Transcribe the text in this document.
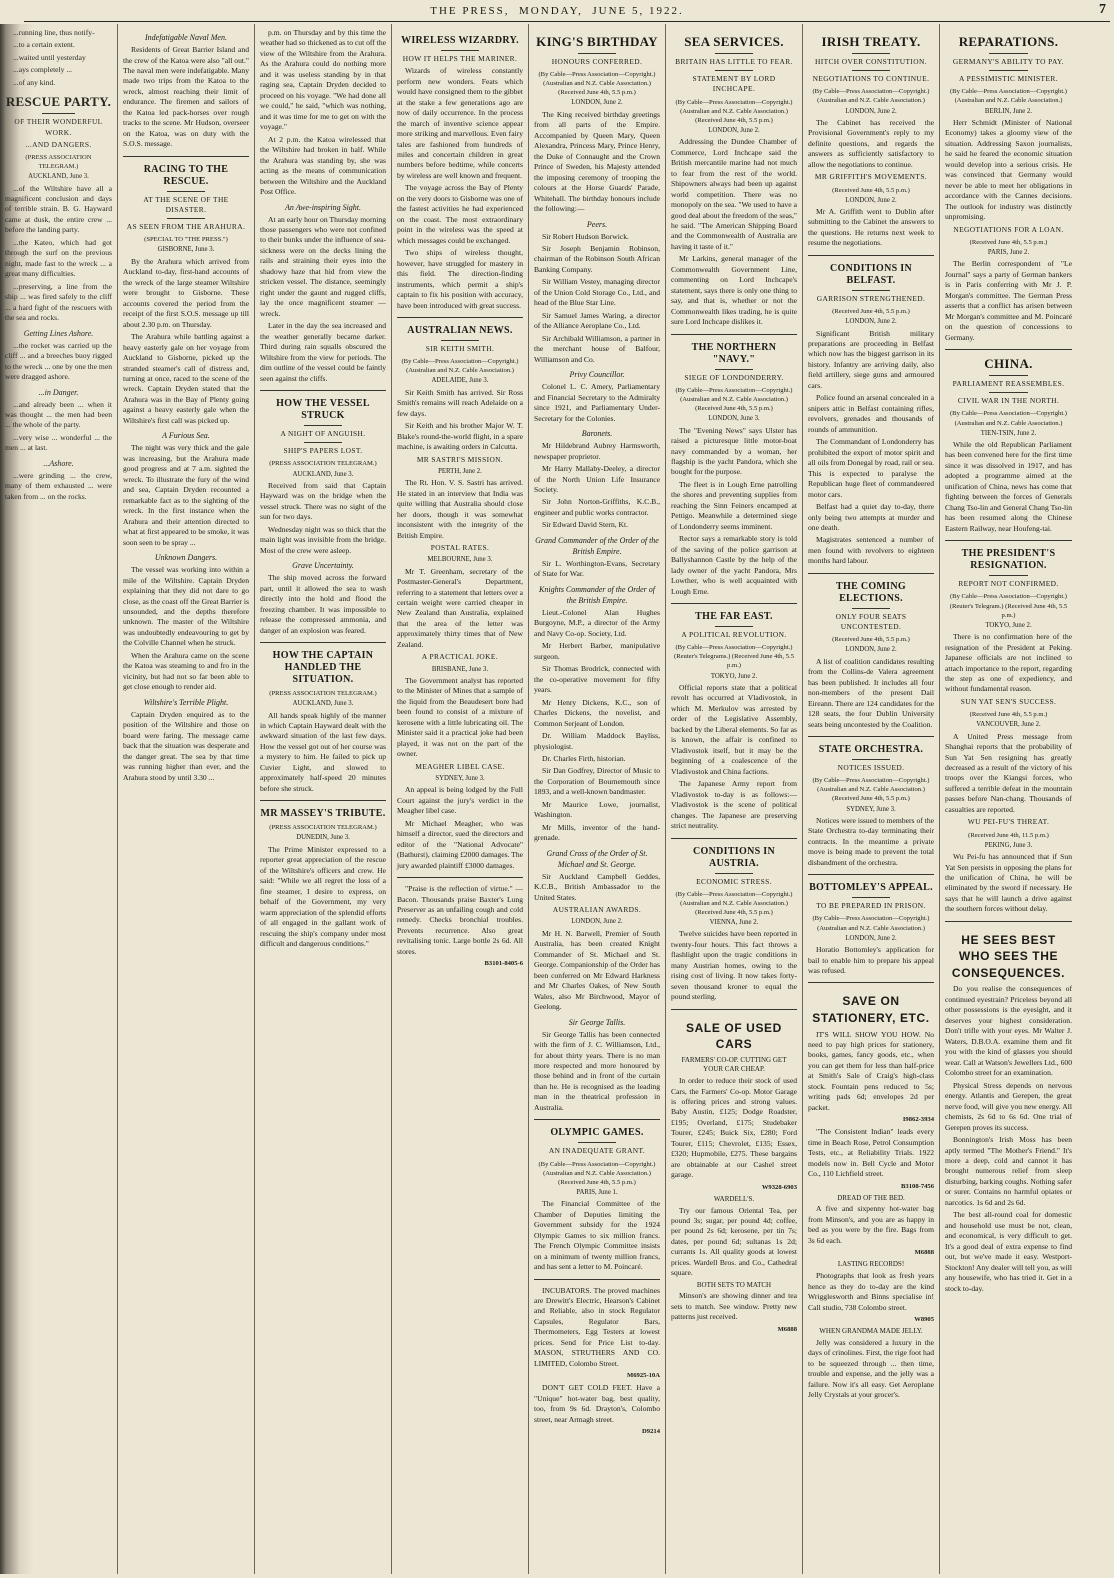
THE PRESS,
MONDAY,
JUNE 5, 1922.	7

...running line, thus notify-

...to a certain extent.

...waited until yesterday

...ays completely ...

...of any kind.

RESCUE PARTY.
OF THEIR WONDERFUL WORK.
...AND DANGERS.
(PRESS ASSOCIATION TELEGRAM.)
AUCKLAND, June 3.

...of the Wiltshire have all a magnificent conclusion and days of terrible strain. B. G. Hayward came at dusk, the entire crew ... before the landing party.

...the Kateo, which had got through the surf on the previous night, made fast to the wreck ... a great many difficulties.

...preserving, a line from the ship ... was fired safely to the cliff ... a hard fight of the rescuers with the sea and rocks.

Getting Lines Ashore.

...the rocket was carried up the cliff ... and a breeches buoy rigged to the wreck ... one by one the men were dragged ashore.

...in Danger.

...and already been ... when it was thought ... the men had been ... the whole of the party.

...very wise ... wonderful ... the men ... at last.

...Ashore.

...were grinding ... the crew, many of them exhausted ... were taken from ... on the rocks.

Indefatigable Naval Men.

Residents of Great Barrier Island and the crew of the Katoa were also "all out." The naval men were indefatigable. Many made two trips from the Katoa to the wreck, almost reaching their limit of endurance. The firemen and sailors of the Katoa led pack-horses over rough tracks to the scene. Mr Hudson, overseer on the Katoa, was on duty with the S.O.S. message.

RACING TO THE RESCUE.
AT THE SCENE OF THE DISASTER.
AS SEEN FROM THE ARAHURA.
(SPECIAL TO "THE PRESS.")
GISBORNE, June 3.

By the Arahura which arrived from Auckland to-day, first-hand accounts of the wreck of the large steamer Wiltshire were brought to Gisborne. These accounts covered the period from the receipt of the first S.O.S. message up till about 2.30 p.m. on Thursday.

The Arahura while battling against a heavy easterly gale on her voyage from Auckland to Gisborne, picked up the stranded steamer's call of distress and, turning at once, raced to the scene of the wreck. Captain Dryden stated that the Arahura was in the Bay of Plenty going against a heavy easterly gale when the Wiltshire's first call was picked up.

A Furious Sea.

The night was very thick and the gale was increasing, but the Arahura made good progress and at 7 a.m. sighted the wreck. To illustrate the fury of the wind and sea, Captain Dryden recounted a remarkable fact as to the sighting of the wreck. In the first instance when the Arahura and their attention directed to what at first appeared to be smoke, it was soon seen to be spray ...

Unknown Dangers.

The vessel was working into within a mile of the Wiltshire. Captain Dryden explaining that they did not dare to go close, as the coast off the Great Barrier is unsounded, and the depths therefore unknown. The master of the Wiltshire was undoubtedly endeavouring to get by the Colville Channel when he struck.

When the Arahura came on the scene the Katoa was steaming to and fro in the vicinity, but had not so far been able to get close enough to render aid.

Wiltshire's Terrible Plight.

Captain Dryden enquired as to the position of the Wiltshire and those on board were faring. The message came back that the situation was desperate and the danger great. The sea by that time was running higher than ever, and the Arahura stood by until 3.30 ...

p.m. on Thursday and by this time the weather had so thickened as to cut off the view of the Wiltshire from the Arahura. As the Arahura could do nothing more and it was useless standing by in that raging sea, Captain Dryden decided to proceed on his voyage. "We had done all we could," he said, "which was nothing, and it was time for me to get on with the voyage."

At 2 p.m. the Katoa wirelessed that the Wiltshire had broken in half. While the Arahura was standing by, she was acting as the means of communication between the Wiltshire and the Auckland Post Office.

An Awe-inspiring Sight.

At an early hour on Thursday morning those passengers who were not confined to their bunks under the influence of sea-sickness were on the decks lining the rails and straining their eyes into the shadowy haze that hid from view the stricken vessel. The distance, seemingly right under the gaunt and rugged cliffs, lay the once magnificent steamer — wreck.

Later in the day the sea increased and the weather generally became darker. Third during rain squalls obscured the Wiltshire from the view for periods. The dim outline of the vessel could be faintly seen against the cliffs.

HOW THE VESSEL STRUCK
A NIGHT OF ANGUISH.
SHIP'S PAPERS LOST.
(PRESS ASSOCIATION TELEGRAM.)
AUCKLAND, June 3.

Received from said that Captain Hayward was on the bridge when the vessel struck. There was no sight of the sun for two days.

Wednesday night was so thick that the main light was invisible from the bridge. Most of the crew were asleep.

Grave Uncertainty.

The ship moved across the forward part, until it allowed the sea to wash directly into the hold and flood the freezing chamber. It was impossible to release the compressed ammonia, and danger of an explosion was feared.

HOW THE CAPTAIN HANDLED THE SITUATION.
(PRESS ASSOCIATION TELEGRAM.)
AUCKLAND, June 3.

All hands speak highly of the manner in which Captain Hayward dealt with the awkward situation of the last few days. How the vessel got out of her course was a mystery to him. He failed to pick up Cuvier Light, and slowed to approximately half-speed 20 minutes before she struck.

MR MASSEY'S TRIBUTE.
(PRESS ASSOCIATION TELEGRAM.)
DUNEDIN, June 3.

The Prime Minister expressed to a reporter great appreciation of the rescue of the Wiltshire's officers and crew. He said: "While we all regret the loss of a fine steamer, I desire to express, on behalf of the Government, my very warm appreciation of the splendid efforts of all engaged in the gallant work of rescuing the ship's company under most difficult and dangerous conditions."

WIRELESS WIZARDRY.
HOW IT HELPS THE MARINER.

Wizards of wireless constantly perform new wonders. Feats which would have consigned them to the gibbet at the stake a few generations ago are now of daily occurrence. In the process the march of inventive science appear more striking and marvellous. Even fairy tales are fashioned from hundreds of miles and concertain children in great numbers before bedtime, while concerts by wireless are well known and frequent.

The voyage across the Bay of Plenty on the very doors to Gisborne was one of the fastest activities he had experienced on the coast. The most extraordinary point in the wireless was the speed at which messages could be exchanged.

Two ships of wireless thought, however, have struggled for mastery in this field. The direction-finding instruments, which permit a ship's captain to fix his position with accuracy, have been introduced with great success.

AUSTRALIAN NEWS.
SIR KEITH SMITH.
(By Cable—Press Association—Copyright.) (Australian and N.Z. Cable Association.)
ADELAIDE, June 3.

Sir Keith Smith has arrived. Sir Ross Smith's remains will reach Adelaide on a few days.

Sir Keith and his brother Major W. T. Blake's round-the-world flight, in a spare machine, is awaiting orders in Calcutta.

MR SASTRI'S MISSION.
PERTH, June 2.

The Rt. Hon. V. S. Sastri has arrived. He stated in an interview that India was quite willing that Australia should close her doors, though it was somewhat inconsistent with the integrity of the British Empire.

POSTAL RATES.
MELBOURNE, June 3.

Mr T. Greenham, secretary of the Postmaster-General's Department, referring to a statement that letters over a certain weight were carried cheaper in New Zealand than Australia, explained that the area of the letter was approximately thirty times that of New Zealand.

A PRACTICAL JOKE.
BRISBANE, June 3.

The Government analyst has reported to the Minister of Mines that a sample of the liquid from the Beaudesert bore had been found to consist of a mixture of kerosene with a little lubricating oil. The Minister said it a practical joke had been played, it was not on the part of the owner.

MEAGHER LIBEL CASE.
SYDNEY, June 3.

An appeal is being lodged by the Full Court against the jury's verdict in the Meagher libel case.

Mr Michael Meagher, who was himself a director, sued the directors and editor of the "National Advocate" (Bathurst), claiming £2000 damages. The jury awarded plaintiff £3000 damages.

"Praise is the reflection of virtue." — Bacon. Thousands praise Baxter's Lung Preserver as an unfailing cough and cold remedy. Checks bronchial troubles. Prevents recurrence. Also great revitalising tonic. Large bottle 2s 6d. All stores.

B3101-8405-6
KING'S BIRTHDAY
HONOURS CONFERRED.
(By Cable—Press Association—Copyright.) (Australian and N.Z. Cable Association.) (Received June 4th, 5.5 p.m.)
LONDON, June 2.

The King received birthday greetings from all parts of the Empire. Accompanied by Queen Mary, Queen Alexandra, Princess Mary, Prince Henry, the Duke of Connaught and the Crown Prince of Sweden, his Majesty attended the imposing ceremony of trooping the colours at the Horse Guards' Parade, Whitehall. The birthday honours include the following:—

Peers.

Sir Robert Hudson Borwick.

Sir Joseph Benjamin Robinson, chairman of the Robinson South African Banking Company.

Sir William Vestey, managing director of the Union Cold Storage Co., Ltd., and head of the Blue Star Line.

Sir Samuel James Waring, a director of the Alliance Aeroplane Co., Ltd.

Sir Archibald Williamson, a partner in the merchant house of Balfour, Williamson and Co.

Privy Councillor.

Colonel L. C. Amery, Parliamentary and Financial Secretary to the Admiralty since 1921, and Parliamentary Under-Secretary for the Colonies.

Baronets.

Mr Hildebrand Aubrey Harmsworth, newspaper proprietor.

Mr Harry Mallaby-Deeley, a director of the North Union Life Insurance Society.

Sir John Norton-Griffiths, K.C.B., engineer and public works contractor.

Sir Edward David Stern, Kt.

Grand Commander of the Order of the British Empire.

Sir L. Worthington-Evans, Secretary of State for War.

Knights Commander of the Order of the British Empire.

Lieut.-Colonel Alan Hughes Burgoyne, M.P., a director of the Army and Navy Co-op. Society, Ltd.

Mr Herbert Barber, manipulative surgeon.

Sir Thomas Brodrick, connected with the co-operative movement for fifty years.

Mr Henry Dickens, K.C., son of Charles Dickens, the novelist, and Common Serjeant of London.

Dr. William Maddock Bayliss, physiologist.

Dr. Charles Firth, historian.

Sir Dan Godfrey, Director of Music to the Corporation of Bournemouth since 1893, and a well-known bandmaster.

Mr Maurice Lowe, journalist, Washington.

Mr Mills, inventor of the hand-grenade.

Grand Cross of the Order of St. Michael and St. George.

Sir Auckland Campbell Geddes, K.C.B., British Ambassador to the United States.

AUSTRALIAN AWARDS.
LONDON, June 2.

Mr H. N. Barwell, Premier of South Australia, has been created Knight Commander of St. Michael and St. George. Companionship of the Order has been conferred on Mr Edward Harkness and Mr Charles Oakes, of New South Wales, also Mr Birchwood, Mayor of Geelong.

Sir George Tallis.

Sir George Tallis has been connected with the firm of J. C. Williamson, Ltd., for about thirty years. There is no man more respected and more honoured by those behind and in front of the curtain than he. He is recognised as the leading man in the theatrical profession in Australia.

OLYMPIC GAMES.
AN INADEQUATE GRANT.
(By Cable—Press Association—Copyright.) (Australian and N.Z. Cable Association.) (Received June 4th, 5.5 p.m.)
PARIS, June 1.

The Financial Committee of the Chamber of Deputies limiting the Government subsidy for the 1924 Olympic Games to six million francs. The French Olympic Committee insists on a minimum of twenty million francs, and has sent a letter to M. Poincaré.

INCUBATORS. The proved machines are Drewitt's Electric, Hearson's Cabinet and Reliable, also in stock Regulator Capsules, Regulator Bars, Thermometers, Egg Testers at lowest prices. Send for Price List to-day. MASON, STRUTHERS AND CO. LIMITED, Colombo Street.

M6925-10A

DON'T GET COLD FEET. Have a "Unique" hot-water bag, best quality, too, from 9s 6d. Drayton's, Colombo street, near Armagh street.

D9214
SEA SERVICES.
BRITAIN HAS LITTLE TO FEAR.
STATEMENT BY LORD INCHCAPE.
(By Cable—Press Association—Copyright.) (Australian and N.Z. Cable Association.) (Received June 4th, 5.5 p.m.)
LONDON, June 2.

Addressing the Dundee Chamber of Commerce, Lord Inchcape said the British mercantile marine had not much to fear from the rest of the world. Shipowners always had been up against world competition. There was no monopoly on the sea. "We used to have a good deal about the freedom of the seas," he said. "The American Shipping Board and the Commonwealth of Australia are having it taste of it."

Mr Larkins, general manager of the Commonwealth Government Line, commenting on Lord Inchcape's statement, says there is only one thing to say, and that is, whether or not the Commonwealth likes trading, he is quite sure Lord Inchcape dislikes it.

THE NORTHERN "NAVY."
SIEGE OF LONDONDERRY.
(By Cable—Press Association—Copyright.) (Australian and N.Z. Cable Association.) (Received June 4th, 5.5 p.m.)
LONDON, June 3.

The "Evening News" says Ulster has raised a picturesque little motor-boat navy commanded by a woman, her flagship is the yacht Pandora, which she bought for the purpose.

The fleet is in Lough Erne patrolling the shores and preventing supplies from reaching the Sinn Feiners encamped at Pettigo. Meanwhile a determined siege of Londonderry seems imminent.

Rector says a remarkable story is told of the saving of the police garrison at Ballyshannon Castle by the help of the lady owner of the yacht Pandora, Mrs Lowther, who is well acquainted with Lough Erne.

THE FAR EAST.
A POLITICAL REVOLUTION.
(By Cable—Press Association—Copyright.) (Reuter's Telegrams.) (Received June 4th, 5.5 p.m.)
TOKYO, June 2.

Official reports state that a political revolt has occurred at Vladivostok, in which M. Merkulov was arrested by order of the Legislative Assembly, backed by the Liberal elements. So far as is known, the affair is confined to Vladivostok itself, but it may be the beginning of a coalescence of the Vladivostok and China factions.

The Japanese Army report from Vladivostok to-day is as follows:— Vladivostok is the scene of political changes. The Japanese are preserving strict neutrality.

CONDITIONS IN AUSTRIA.
ECONOMIC STRESS.
(By Cable—Press Association—Copyright.) (Australian and N.Z. Cable Association.) (Received June 4th, 5.5 p.m.)
VIENNA, June 2.

Twelve suicides have been reported in twenty-four hours. This fact throws a flashlight upon the tragic conditions in many Austrian homes, owing to the rising cost of living. It now takes forty-seven thousand kroner to equal the pound sterling.

SALE OF USED CARS
FARMERS' CO-OP. CUTTING GET YOUR CAR CHEAP.

In order to reduce their stock of used Cars, the Farmers' Co-op. Motor Garage is offering prices and strong values. Baby Austin, £125; Dodge Roadster, £195; Overland, £175; Studebaker Tourer, £245; Buick Six, £280; Ford Tourer, £115; Chevrolet, £135; Essex, £320; Hupmobile, £275. These bargains are obtainable at our Cashel street garage.

W9328-6903
WARDELL'S.

Try our famous Oriental Tea, per pound 3s; sugar, per pound 4d; coffee, per pound 2s 6d; kerosene, per tin 7s; dates, per pound 6d; sultanas 1s 2d; currants 1s. All quality goods at lowest prices. Wardell Bros. and Co., Cathedral square.

BOTH SETS TO MATCH

Minson's are showing dinner and tea sets to match. See window. Pretty new patterns just received.

M6888
IRISH TREATY.
HITCH OVER CONSTITUTION.
NEGOTIATIONS TO CONTINUE.
(By Cable—Press Association—Copyright.) (Australian and N.Z. Cable Association.)
LONDON, June 2.

The Cabinet has received the Provisional Government's reply to my definite questions, and regards the answers as sufficiently satisfactory to allow the negotiations to continue.

MR GRIFFITH'S MOVEMENTS.
(Received June 4th, 5.5 p.m.)
LONDON, June 2.

Mr A. Griffith went to Dublin after submitting to the Cabinet the answers to the questions. He returns next week to resume the negotiations.

CONDITIONS IN BELFAST.
GARRISON STRENGTHENED.
(Received June 4th, 5.5 p.m.)
LONDON, June 2.

Significant British military preparations are proceeding in Belfast which now has the biggest garrison in its history. Infantry are arriving daily, also field artillery, siege guns and armoured cars.

Police found an arsenal concealed in a snipers attic in Belfast containing rifles, revolvers, grenades and thousands of rounds of ammunition.

The Commandant of Londonderry has prohibited the export of motor spirit and all oils from Donegal by road, rail or sea. This is expected to paralyse the Republican huge fleet of commandeered motor cars.

Belfast had a quiet day to-day, there only being two attempts at murder and one death.

Magistrates sentenced a number of men found with revolvers to eighteen months hard labour.

THE COMING ELECTIONS.
ONLY FOUR SEATS UNCONTESTED.
(Received June 4th, 5.5 p.m.)
LONDON, June 2.

A list of coalition candidates resulting from the Collins-de Valera agreement has been published. It includes all four non-members of the present Dail Eireann. There are 124 candidates for the 128 seats, the four Dublin University seats being uncontested by the Coalition.

STATE ORCHESTRA.
NOTICES ISSUED.
(By Cable—Press Association—Copyright.) (Australian and N.Z. Cable Association.) (Received June 4th, 5.5 p.m.)
SYDNEY, June 3.

Notices were issued to members of the State Orchestra to-day terminating their contracts. In the meantime a private move is being made to prevent the total disbandment of the orchestra.

BOTTOMLEY'S APPEAL.
TO BE PREPARED IN PRISON.
(By Cable—Press Association—Copyright.) (Australian and N.Z. Cable Association.)
LONDON, June 2.

Horatio Bottomley's application for bail to enable him to prepare his appeal was refused.

SAVE ON STATIONERY, ETC.

IT'S WILL SHOW YOU HOW. No need to pay high prices for stationery, books, games, fancy goods, etc., when you can get them for less than half-price at Smith's Sale of Craig's high-class stock. Fountain pens reduced to 5s; writing pads 6d; envelopes 2d per packet.

I9862-3934

"The Consistent Indian" leads every time in Beach Rose, Petrol Consumption Tests, etc., at Reliability Trials. 1922 models now in. Bell Cycle and Motor Co., 110 Lichfield street.

B3108-7456
DREAD OF THE BED.

A five and sixpenny hot-water bag from Minson's, and you are as happy in bed as you were by the fire. Bags from 3s 6d each.

M6888
LASTING RECORDS!

Photographs that look as fresh years hence as they do to-day are the kind Wrigglesworth and Binns specialise in! Call studio, 738 Colombo street.

W8905
WHEN GRANDMA MADE JELLY.

Jelly was considered a luxury in the days of crinolines. First, the rige foot had to be squeezed through ... then time, trouble and expense, and the jelly was a failure. Now it's all easy. Get Aeroplane Jelly Crystals at your grocer's.

REPARATIONS.
GERMANY'S ABILITY TO PAY.
A PESSIMISTIC MINISTER.
(By Cable—Press Association—Copyright.) (Australian and N.Z. Cable Association.)
BERLIN, June 2.

Herr Schmidt (Minister of National Economy) takes a gloomy view of the situation. Addressing Saxon journalists, he said he feared the economic situation would develop into a serious crisis. He was convinced that Germany would never be able to meet her obligations in accordance with the Cannes decisions. The outlook for industry was distinctly unpromising.

NEGOTIATIONS FOR A LOAN.
(Received June 4th, 5.5 p.m.)
PARIS, June 2.

The Berlin correspondent of "Le Journal" says a party of German bankers is in Paris conferring with Mr J. P. Morgan's committee. The German Press asserts that a conflict has arisen between Mr Morgan's committee and M. Poincaré on the question of concessions to Germany.

CHINA.
PARLIAMENT REASSEMBLES.
CIVIL WAR IN THE NORTH.
(By Cable—Press Association—Copyright.) (Australian and N.Z. Cable Association.)
TIEN-TSIN, June 2.

While the old Republican Parliament has been convened here for the first time since it was dissolved in 1917, and has adopted a programme aimed at the unification of China, news has come that fighting between the forces of Generals Chang Tso-lin and General Chang Tso-lin has been resumed along the Chinese Eastern Railway, near Houfeng-tai.

THE PRESIDENT'S RESIGNATION.
REPORT NOT CONFIRMED.
(By Cable—Press Association—Copyright.) (Reuter's Telegram.) (Received June 4th, 5.5 p.m.)
TOKYO, June 2.

There is no confirmation here of the resignation of the President at Peking. Japanese officials are not inclined to attach importance to the report, regarding the step as one of expediency, and without fundamental reason.

SUN YAT SEN'S SUCCESS.
(Received June 4th, 5.5 p.m.)
VANCOUVER, June 2.

A United Press message from Shanghai reports that the probability of Sun Yat Sen resigning has greatly decreased as a result of the victory of his troops over the Kiangsi forces, who suffered a terrible defeat in the mountain passes before Nan-chang. Thousands of casualties are reported.

WU PEI-FU'S THREAT.
(Received June 4th, 11.5 p.m.)
PEKING, June 3.

Wu Pei-fu has announced that if Sun Yat Sen persists in opposing the plans for the unification of China, he will be eliminated by the sword if necessary. He says that he will launch a drive against the southern forces without delay.

HE SEES BEST WHO SEES THE CONSEQUENCES.

Do you realise the consequences of continued eyestrain? Priceless beyond all other possessions is the eyesight, and it deserves your highest consideration. Don't trifle with your eyes. Mr Walter J. Waters, D.B.O.A. examine them and fit you with the kind of glasses you should wear. Call at Watson's Jewellers Ltd., 600 Colombo street for an examination.

Physical Stress depends on nervous energy. Atlantis and Gerepen, the great nerve food, will give you new energy. All chemists, 2s 6d to 6s 6d. One trial of Gerepen proves its success.

Bonnington's Irish Moss has been aptly termed "The Mother's Friend." It's more a deep, cold and cannot it has brought numerous relief from sleep disturbing, barking coughs. Nothing safer or surer. Contains no harmful opiates or narcotics. 1s 6d and 2s 6d.

The best all-round coal for domestic and household use must be not, clean, and economical, is very difficult to get. It's a good deal of extra expense to find out, but we've made it easy. Westport-Stockton! Any dealer will tell you, as will any housewife, who has tried it. Get in a stock to-day.
